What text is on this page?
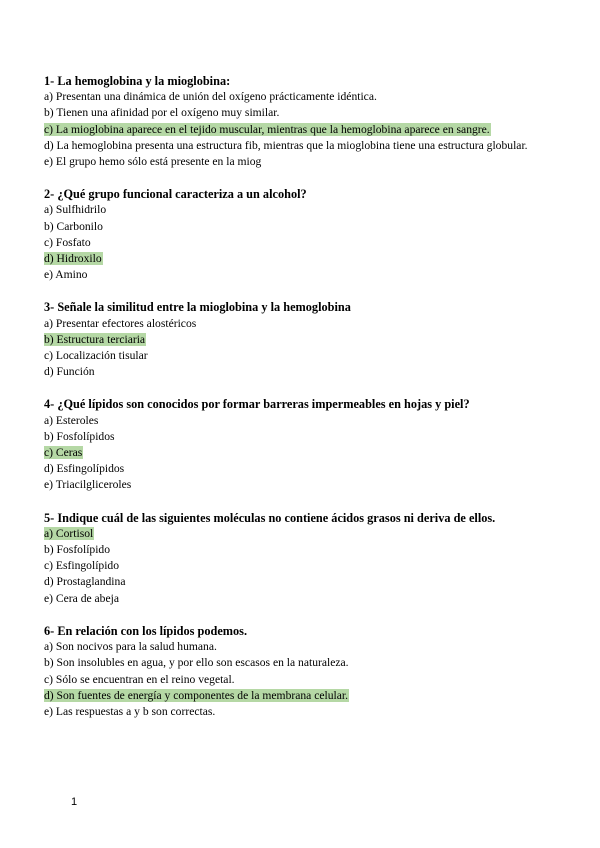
1- La hemoglobina y la mioglobina:
a) Presentan una dinámica de unión del oxígeno prácticamente idéntica.
b) Tienen una afinidad por el oxígeno muy similar.
c) La mioglobina aparece en el tejido muscular, mientras que la hemoglobina aparece en sangre.
d) La hemoglobina presenta una estructura fib, mientras que la mioglobina tiene una estructura globular.
e) El grupo hemo sólo está presente en la miog
2- ¿Qué grupo funcional caracteriza a un alcohol?
a) Sulfhidrilo
b) Carbonilo
c) Fosfato
d) Hidroxilo
e) Amino
3- Señale la similitud entre la mioglobina y la hemoglobina
a) Presentar efectores alostéricos
b) Estructura terciaria
c) Localización tisular
d) Función
4- ¿Qué lípidos son conocidos por formar barreras impermeables en hojas y piel?
a) Esteroles
b) Fosfolípidos
c) Ceras
d) Esfingolípidos
e) Triacilgliceroles
5- Indique cuál de las siguientes moléculas no contiene ácidos grasos ni deriva de ellos.
a) Cortisol
b) Fosfolípido
c) Esfingolípido
d) Prostaglandina
e) Cera de abeja
6- En relación con los lípidos podemos.
a) Son nocivos para la salud humana.
b) Son insolubles en agua, y por ello son escasos en la naturaleza.
c) Sólo se encuentran en el reino vegetal.
d) Son fuentes de energía y componentes de la membrana celular.
e) Las respuestas a y b son correctas.
1
